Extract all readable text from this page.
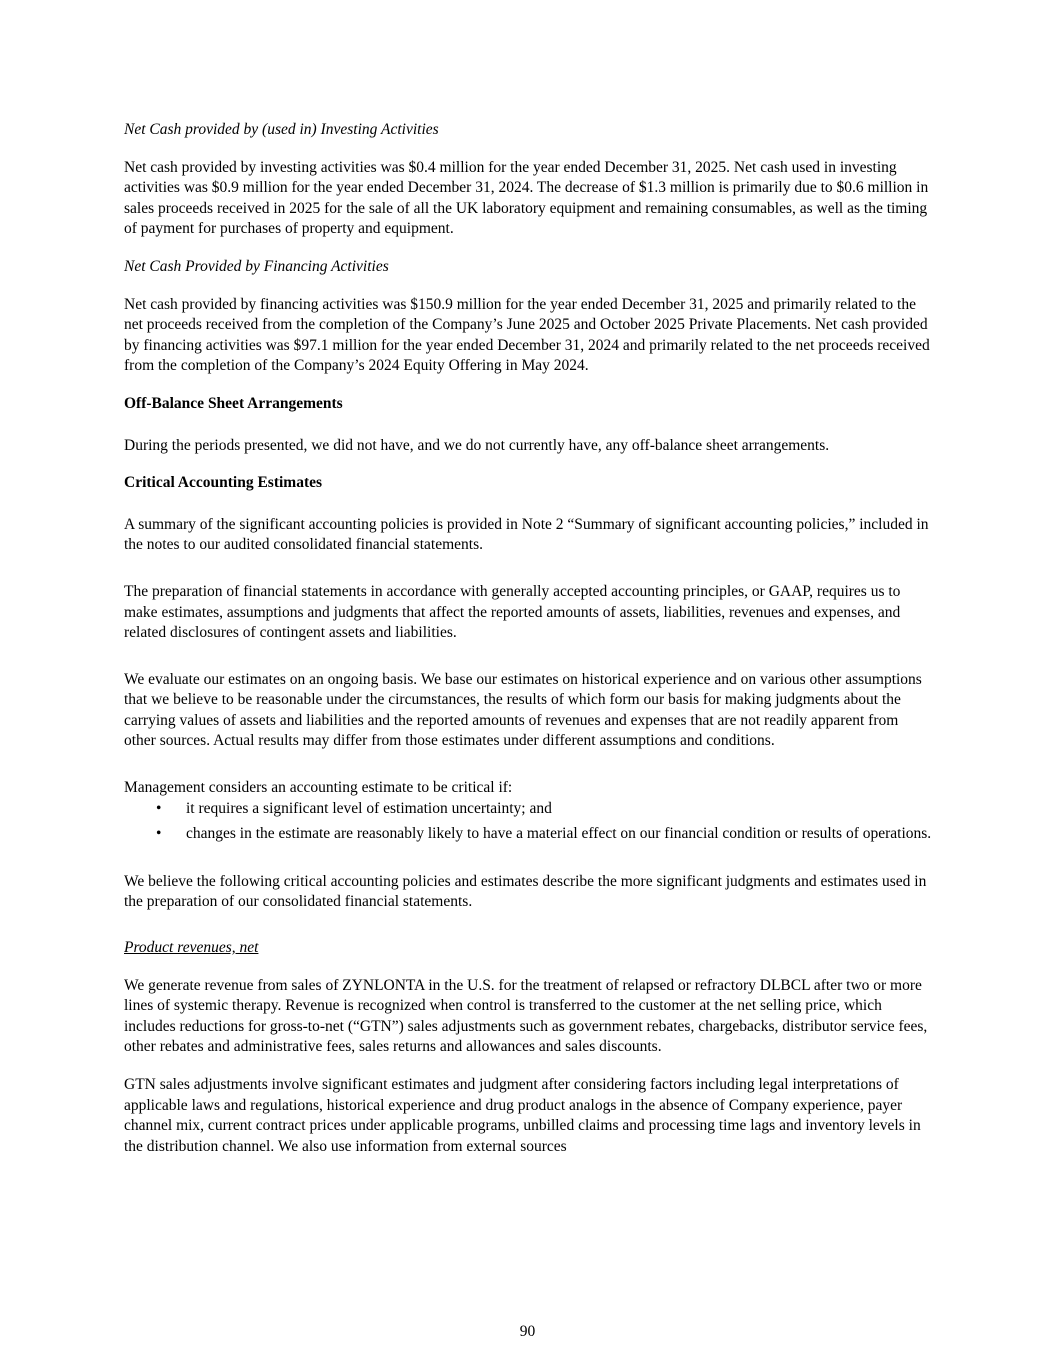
Net Cash provided by (used in) Investing Activities

Net cash provided by investing activities was $0.4 million for the year ended December 31, 2025. Net cash used in investing activities was $0.9 million for the year ended December 31, 2024. The decrease of $1.3 million is primarily due to $0.6 million in sales proceeds received in 2025 for the sale of all the UK laboratory equipment and remaining consumables, as well as the timing of payment for purchases of property and equipment.

Net Cash Provided by Financing Activities

Net cash provided by financing activities was $150.9 million for the year ended December 31, 2025 and primarily related to the net proceeds received from the completion of the Company’s June 2025 and October 2025 Private Placements. Net cash provided by financing activities was $97.1 million for the year ended December 31, 2024 and primarily related to the net proceeds received from the completion of the Company’s 2024 Equity Offering in May 2024.

Off-Balance Sheet Arrangements

During the periods presented, we did not have, and we do not currently have, any off-balance sheet arrangements.

Critical Accounting Estimates

A summary of the significant accounting policies is provided in Note 2 “Summary of significant accounting policies,” included in the notes to our audited consolidated financial statements.

The preparation of financial statements in accordance with generally accepted accounting principles, or GAAP, requires us to make estimates, assumptions and judgments that affect the reported amounts of assets, liabilities, revenues and expenses, and related disclosures of contingent assets and liabilities.

We evaluate our estimates on an ongoing basis. We base our estimates on historical experience and on various other assumptions that we believe to be reasonable under the circumstances, the results of which form our basis for making judgments about the carrying values of assets and liabilities and the reported amounts of revenues and expenses that are not readily apparent from other sources. Actual results may differ from those estimates under different assumptions and conditions.

Management considers an accounting estimate to be critical if:

• it requires a significant level of estimation uncertainty; and
• changes in the estimate are reasonably likely to have a material effect on our financial condition or results of operations.

We believe the following critical accounting policies and estimates describe the more significant judgments and estimates used in the preparation of our consolidated financial statements.

Product revenues, net

We generate revenue from sales of ZYNLONTA in the U.S. for the treatment of relapsed or refractory DLBCL after two or more lines of systemic therapy. Revenue is recognized when control is transferred to the customer at the net selling price, which includes reductions for gross-to-net (“GTN”) sales adjustments such as government rebates, chargebacks, distributor service fees, other rebates and administrative fees, sales returns and allowances and sales discounts.

GTN sales adjustments involve significant estimates and judgment after considering factors including legal interpretations of applicable laws and regulations, historical experience and drug product analogs in the absence of Company experience, payer channel mix, current contract prices under applicable programs, unbilled claims and processing time lags and inventory levels in the distribution channel. We also use information from external sources

90
